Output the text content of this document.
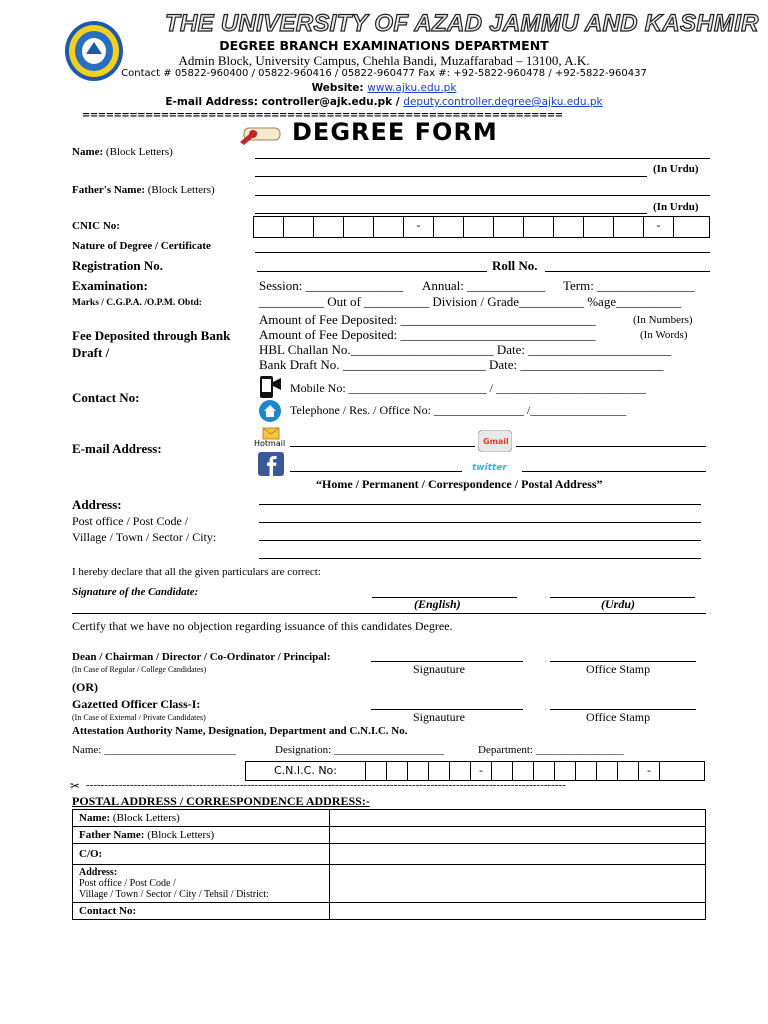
THE UNIVERSITY OF AZAD JAMMU AND KASHMIR
DEGREE BRANCH EXAMINATIONS DEPARTMENT
Admin Block, University Campus, Chehla Bandi, Muzaffarabad – 13100, A.K.
Contact # 05822-960400 / 05822-960416 / 05822-960477 Fax #: +92-5822-960478 / +92-5822-960437
Website: www.ajku.edu.pk
E-mail Address: controller@ajk.edu.pk / deputy.controller.degree@ajku.edu.pk
=============================================================
DEGREE FORM
Name: (Block Letters)
(In Urdu)
Father's Name: (Block Letters)
(In Urdu)
CNIC No:	-	-
Nature of Degree / Certificate
Registration No.	Roll No.
Examination:	Session: _______________ Annual: ____________ Term: _______________
Marks / C.G.P.A. /O.P.M. Obtd:	__________ Out of __________ Division / Grade__________ %age__________
Fee Deposited through Bank Draft /
Amount of Fee Deposited: ______________________________	(In Numbers)
Amount of Fee Deposited: ______________________________	(In Words)
HBL Challan No.______________________ Date: ______________________
Bank Draft No. ______________________ Date: ______________________
Contact No:
Mobile No: _______________________ / _________________________
Telephone / Res. / Office No: _______________ /________________
E-mail Address:	Hotmail	Gmail
twitter
“Home / Permanent / Correspondence / Postal Address”
Address:
Post office / Post Code /
Village / Town / Sector / City:
I hereby declare that all the given particulars are correct:
Signature of the Candidate:
(English)	(Urdu)
Certify that we have no objection regarding issuance of this candidates Degree.
Dean / Chairman / Director / Co-Ordinator / Principal:
(In Case of Regular / College Candidates)	Signauture	Office Stamp
(OR)
Gazetted Officer Class-I:
(In Case of External / Private Candidates)	Signauture	Office Stamp
Attestation Authority Name, Designation, Department and C.N.I.C. No.
Name: ________________________	Designation: ____________________	Department: ________________
C.N.I.C. No:	-	-
✂ -----------------------------------------------------------------------------------------------------------------------------------
POSTAL ADDRESS / CORRESPONDENCE ADDRESS:-
Name: (Block Letters)	
Father Name: (Block Letters)	
C/O:	
Address:
Post office / Post Code /
Village / Town / Sector / City / Tehsil / District:	
Contact No:	
